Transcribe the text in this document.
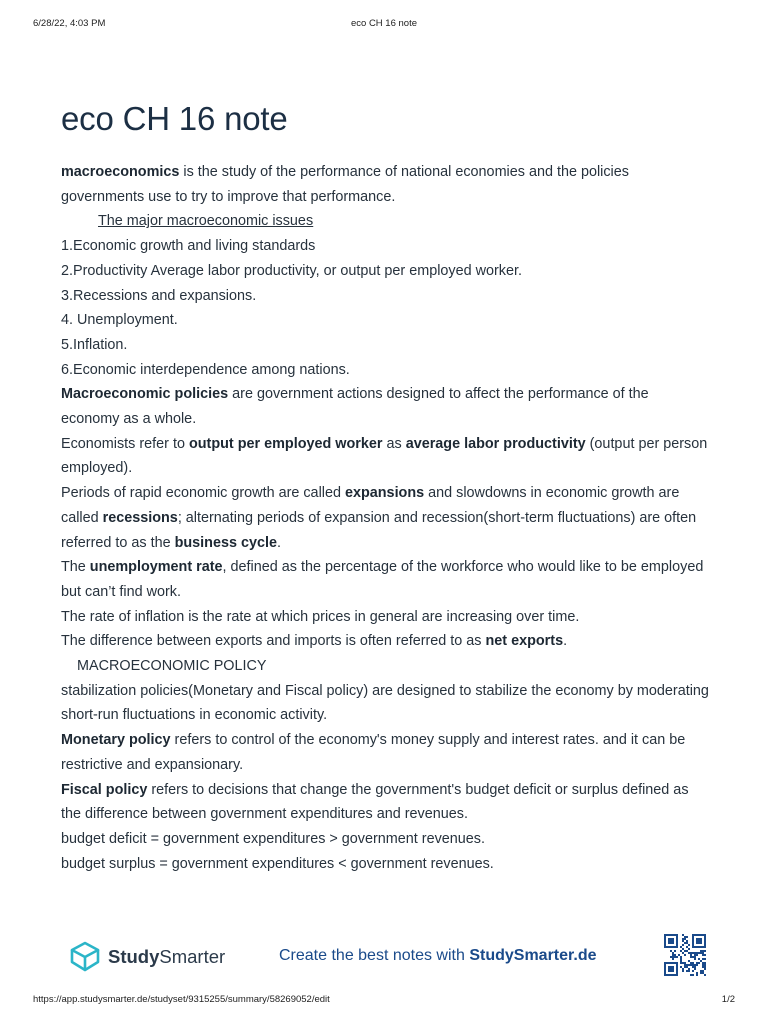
6/28/22, 4:03 PM	eco CH 16 note
eco CH 16 note

macroeconomics is the study of the performance of national economies and the policies governments use to try to improve that performance.

The major macroeconomic issues

1.Economic growth and living standards

2.Productivity Average labor productivity, or output per employed worker.

3.Recessions and expansions.

4. Unemployment.

5.Inflation.

6.Economic interdependence among nations.

Macroeconomic policies are government actions designed to affect the performance of the economy as a whole.

Economists refer to output per employed worker as average labor productivity (output per person employed).

Periods of rapid economic growth are called expansions and slowdowns in economic growth are called recessions; alternating periods of expansion and recession(short-term fluctuations) are often referred to as the business cycle.

The unemployment rate, defined as the percentage of the workforce who would like to be employed but can’t find work.

The rate of inflation is the rate at which prices in general are increasing over time.

The difference between exports and imports is often referred to as net exports.

MACROECONOMIC POLICY

stabilization policies(Monetary and Fiscal policy) are designed to stabilize the economy by moderating short-run fluctuations in economic activity.

Monetary policy refers to control of the economy's money supply and interest rates. and it can be restrictive and expansionary.

Fiscal policy refers to decisions that change the government's budget deficit or surplus defined as the difference between government expenditures and revenues.

budget deficit = government expenditures > government revenues.

budget surplus = government expenditures < government revenues.

StudySmarter	Create the best notes with StudySmarter.de
https://app.studysmarter.de/studyset/9315255/summary/58269052/edit	1/2
